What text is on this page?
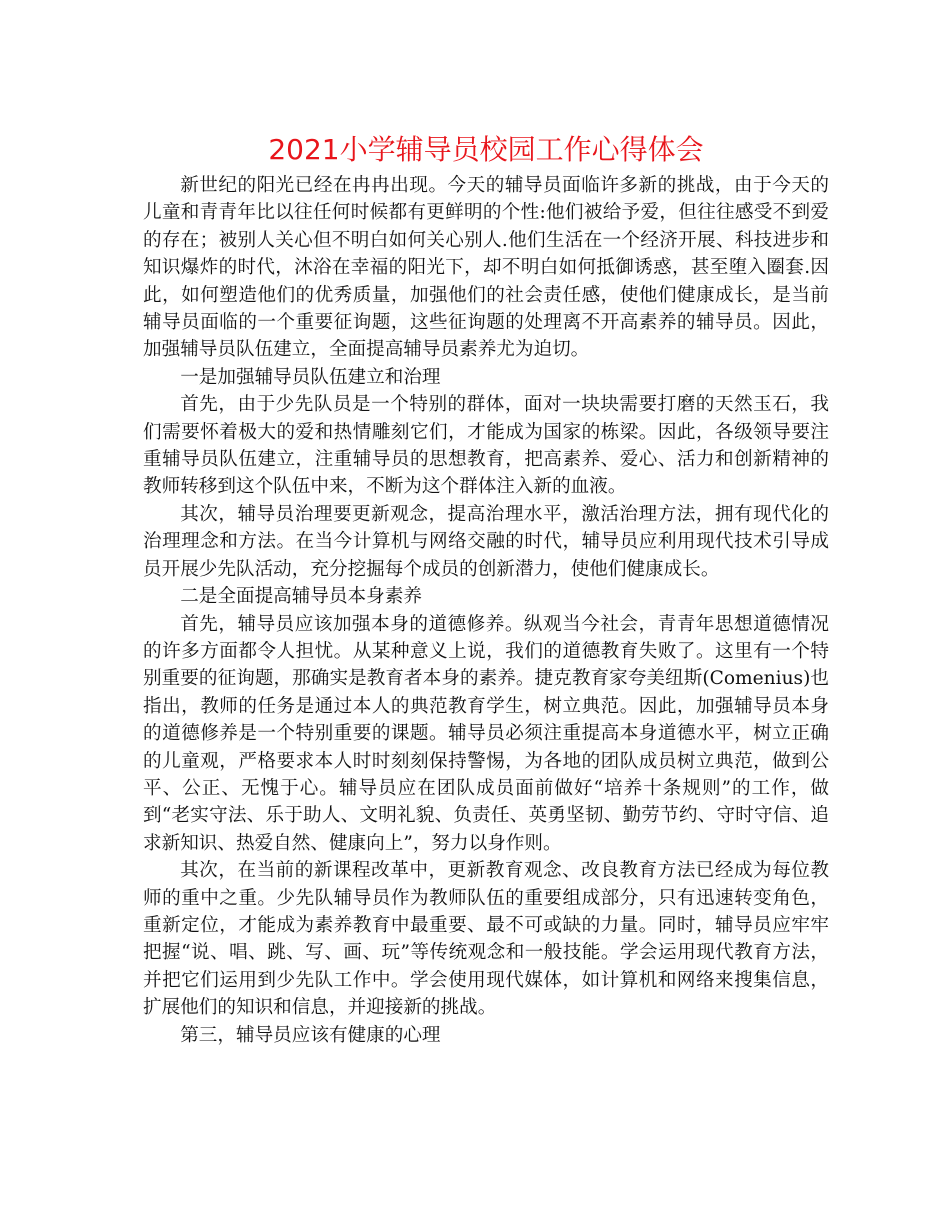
2021小学辅导员校园工作心得体会

新世纪的阳光已经在冉冉出现。今天的辅导员面临许多新的挑战，由于今天的儿童和青青年比以往任何时候都有更鲜明的个性:他们被给予爱，但往往感受不到爱的存在；被别人关心但不明白如何关心别人.他们生活在一个经济开展、科技进步和知识爆炸的时代，沐浴在幸福的阳光下，却不明白如何抵御诱惑，甚至堕入圈套.因此，如何塑造他们的优秀质量，加强他们的社会责任感，使他们健康成长，是当前辅导员面临的一个重要征询题，这些征询题的处理离不开高素养的辅导员。因此，加强辅导员队伍建立，全面提高辅导员素养尤为迫切。

一是加强辅导员队伍建立和治理

首先，由于少先队员是一个特别的群体，面对一块块需要打磨的天然玉石，我们需要怀着极大的爱和热情雕刻它们，才能成为国家的栋梁。因此，各级领导要注重辅导员队伍建立，注重辅导员的思想教育，把高素养、爱心、活力和创新精神的教师转移到这个队伍中来，不断为这个群体注入新的血液。

其次，辅导员治理要更新观念，提高治理水平，激活治理方法，拥有现代化的治理理念和方法。在当今计算机与网络交融的时代，辅导员应利用现代技术引导成员开展少先队活动，充分挖掘每个成员的创新潜力，使他们健康成长。

二是全面提高辅导员本身素养

首先，辅导员应该加强本身的道德修养。纵观当今社会，青青年思想道德情况的许多方面都令人担忧。从某种意义上说，我们的道德教育失败了。这里有一个特别重要的征询题，那确实是教育者本身的素养。捷克教育家夸美纽斯(Comenius)也指出，教师的任务是通过本人的典范教育学生，树立典范。因此，加强辅导员本身的道德修养是一个特别重要的课题。辅导员必须注重提高本身道德水平，树立正确的儿童观，严格要求本人时时刻刻保持警惕，为各地的团队成员树立典范，做到公平、公正、无愧于心。辅导员应在团队成员面前做好“培养十条规则”的工作，做到“老实守法、乐于助人、文明礼貌、负责任、英勇坚韧、勤劳节约、守时守信、追求新知识、热爱自然、健康向上”，努力以身作则。

其次，在当前的新课程改革中，更新教育观念、改良教育方法已经成为每位教师的重中之重。少先队辅导员作为教师队伍的重要组成部分，只有迅速转变角色，重新定位，才能成为素养教育中最重要、最不可或缺的力量。同时，辅导员应牢牢把握“说、唱、跳、写、画、玩”等传统观念和一般技能。学会运用现代教育方法，并把它们运用到少先队工作中。学会使用现代媒体，如计算机和网络来搜集信息，扩展他们的知识和信息，并迎接新的挑战。

第三，辅导员应该有健康的心理
